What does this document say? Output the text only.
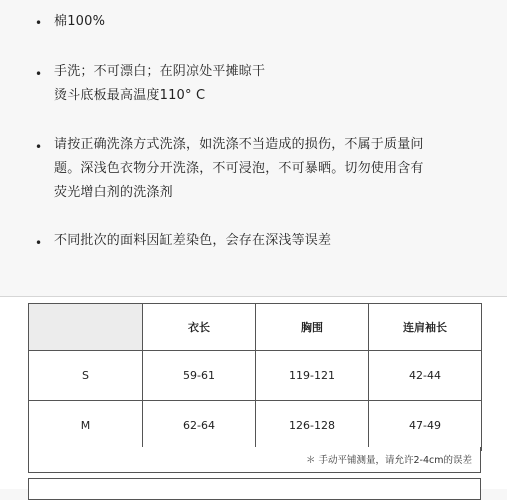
• 棉100%
• 手洗；不可漂白；在阴凉处平摊晾干
烫斗底板最高温度110° C
• 请按正确洗涤方式洗涤，如洗涤不当造成的损伤，不属于质量问
题。深浅色衣物分开洗涤，不可浸泡，不可暴晒。切勿使用含有
荧光增白剂的洗涤剂
• 不同批次的面料因缸差染色，会存在深浅等误差
	衣长	胸围	连肩袖长
S	59-61	119-121	42-44
M	62-64	126-128	47-49
＊ 手动平铺测量，请允许2-4cm的误差
